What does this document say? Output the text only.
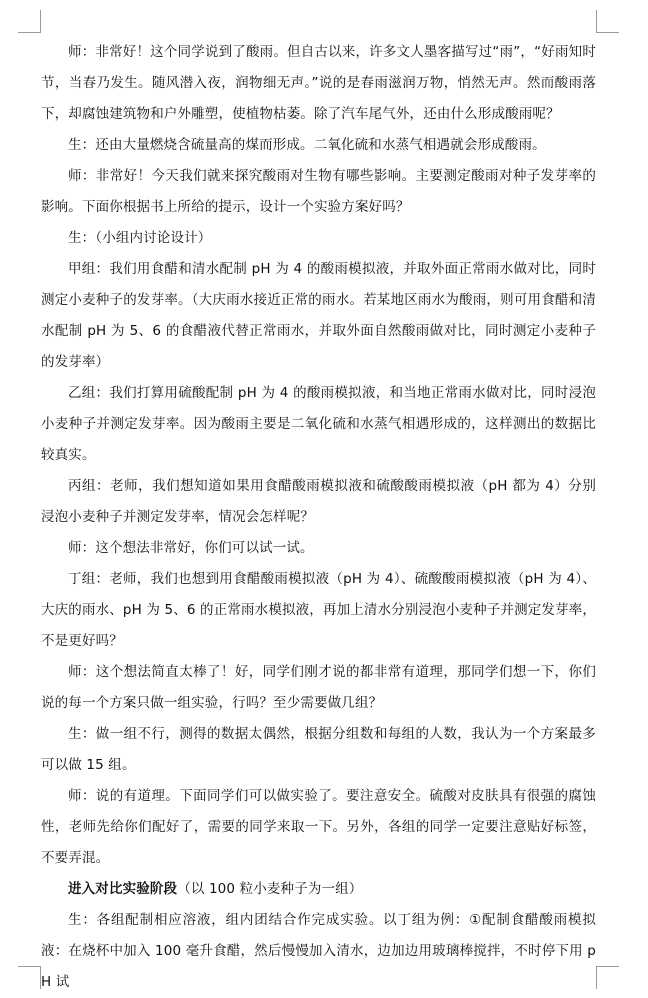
师：非常好！这个同学说到了酸雨。但自古以来，许多文人墨客描写过“雨”，“好雨知时节，当春乃发生。随风潜入夜，润物细无声。”说的是春雨滋润万物，悄然无声。然而酸雨落下，却腐蚀建筑物和户外雕塑，使植物枯萎。除了汽车尾气外，还由什么形成酸雨呢？

生：还由大量燃烧含硫量高的煤而形成。二氧化硫和水蒸气相遇就会形成酸雨。

师：非常好！今天我们就来探究酸雨对生物有哪些影响。主要测定酸雨对种子发芽率的影响。下面你根据书上所给的提示，设计一个实验方案好吗？

生：（小组内讨论设计）

甲组：我们用食醋和清水配制 pH 为 4 的酸雨模拟液，并取外面正常雨水做对比，同时测定小麦种子的发芽率。（大庆雨水接近正常的雨水。若某地区雨水为酸雨，则可用食醋和清水配制 pH 为 5、6 的食醋液代替正常雨水，并取外面自然酸雨做对比，同时测定小麦种子的发芽率）

乙组：我们打算用硫酸配制 pH 为 4 的酸雨模拟液，和当地正常雨水做对比，同时浸泡小麦种子并测定发芽率。因为酸雨主要是二氧化硫和水蒸气相遇形成的，这样测出的数据比较真实。

丙组：老师，我们想知道如果用食醋酸雨模拟液和硫酸酸雨模拟液（pH 都为 4）分别浸泡小麦种子并测定发芽率，情况会怎样呢？

师：这个想法非常好，你们可以试一试。

丁组：老师，我们也想到用食醋酸雨模拟液（pH 为 4）、硫酸酸雨模拟液（pH 为 4）、大庆的雨水、pH 为 5、6 的正常雨水模拟液，再加上清水分别浸泡小麦种子并测定发芽率，不是更好吗？

师：这个想法简直太棒了！好，同学们刚才说的都非常有道理，那同学们想一下，你们说的每一个方案只做一组实验，行吗？至少需要做几组？

生：做一组不行，测得的数据太偶然，根据分组数和每组的人数，我认为一个方案最多可以做 15 组。

师：说的有道理。下面同学们可以做实验了。要注意安全。硫酸对皮肤具有很强的腐蚀性，老师先给你们配好了，需要的同学来取一下。另外，各组的同学一定要注意贴好标签，不要弄混。

进入对比实验阶段（以 100 粒小麦种子为一组）

生：各组配制相应溶液，组内团结合作完成实验。以丁组为例：①配制食醋酸雨模拟液：在烧杯中加入 100 毫升食醋，然后慢慢加入清水，边加边用玻璃棒搅拌，不时停下用 pH 试
